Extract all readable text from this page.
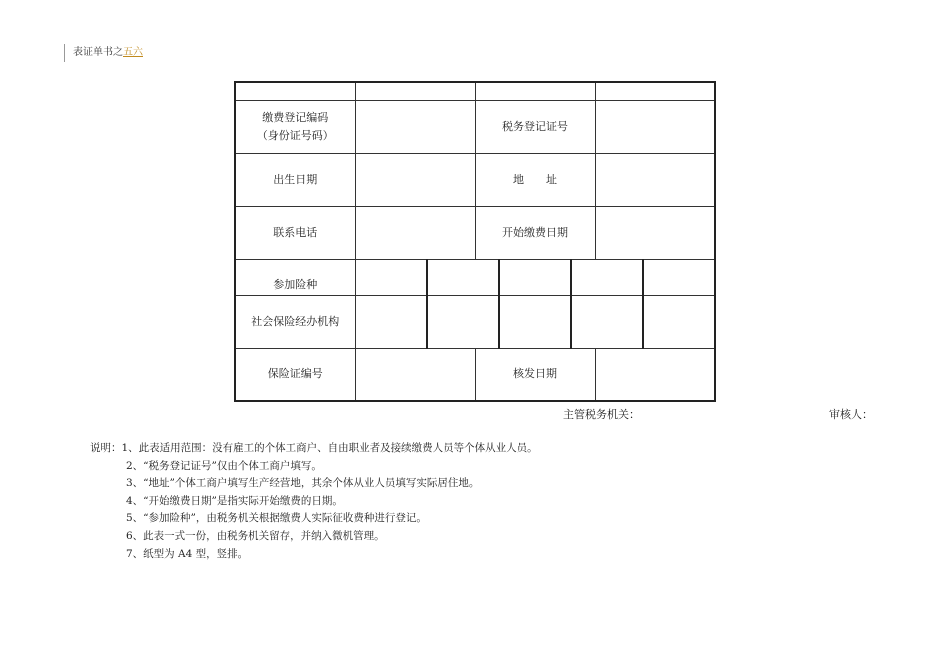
表证单书之五六

缴费登记编码
（身份证号码）			税务登记证号				
出生日期			地　　址				
联系电话			开始缴费日期				
参加险种							
社会保险经办机构							
保险证编号			核发日期				
主管税务机关：	审核人：
说明：1、此表适用范围：没有雇工的个体工商户、自由职业者及接续缴费人员等个体从业人员。
2、“税务登记证号”仅由个体工商户填写。
3、“地址”个体工商户填写生产经营地，其余个体从业人员填写实际居住地。
4、“开始缴费日期”是指实际开始缴费的日期。
5、“参加险种”，由税务机关根据缴费人实际征收费种进行登记。
6、此表一式一份，由税务机关留存，并纳入微机管理。
7、纸型为 A4 型，竖排。
